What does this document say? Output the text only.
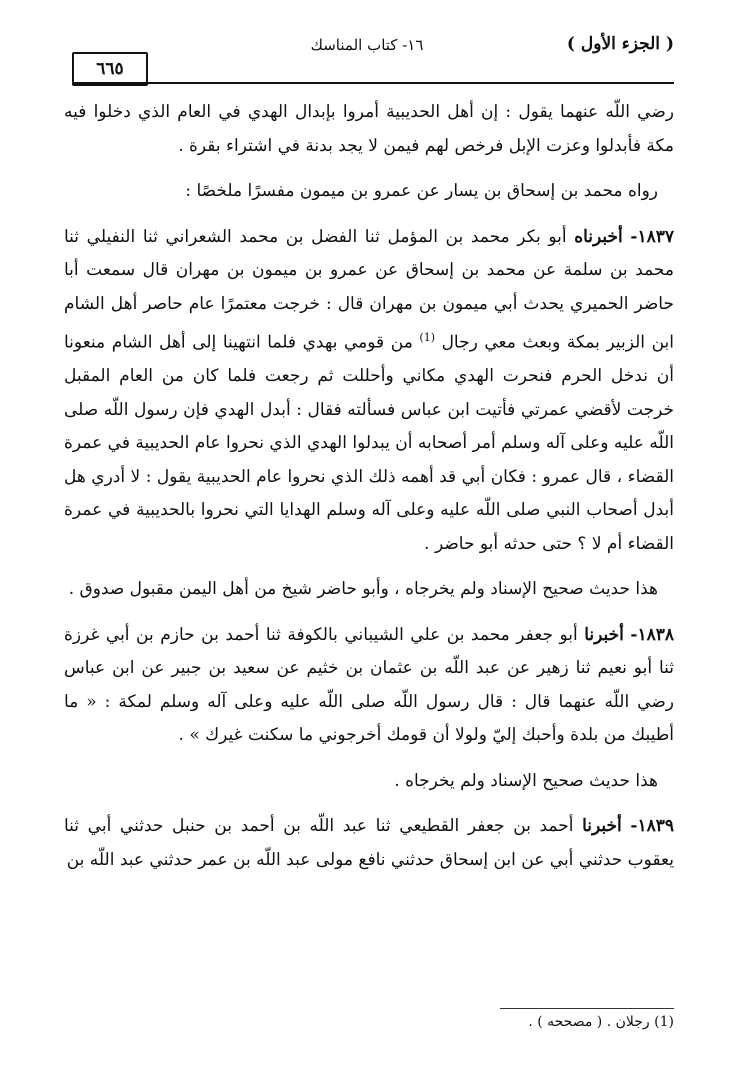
( الجزء الأول )
١٦- كتاب المناسك
٦٦٥

رضي اللّه عنهما يقول : إن أهل الحديبية أمروا بإبدال الهدي في العام الذي دخلوا فيه مكة فأبدلوا وعزت الإبل فرخص لهم فيمن لا يجد بدنة في اشتراء بقرة .

رواه محمد بن إسحاق بن يسار عن عمرو بن ميمون مفسرًا ملخصًا :

١٨٣٧- أخبرناه أبو بكر محمد بن المؤمل ثنا الفضل بن محمد الشعراني ثنا النفيلي ثنا محمد بن سلمة عن محمد بن إسحاق عن عمرو بن ميمون بن مهران قال سمعت أبا حاضر الحميري يحدث أبي ميمون بن مهران قال : خرجت معتمرًا عام حاصر أهل الشام ابن الزبير بمكة وبعث معي رجال $^{(1)}$ من قومي بهدي فلما انتهينا إلى أهل الشام منعونا أن ندخل الحرم فنحرت الهدي مكاني وأحللت ثم رجعت فلما كان من العام المقبل خرجت لأقضي عمرتي فأتيت ابن عباس فسألته فقال : أبدل الهدي فإن رسول اللّه صلى اللّه عليه وعلى آله وسلم أمر أصحابه أن يبدلوا الهدي الذي نحروا عام الحديبية في عمرة القضاء ، قال عمرو : فكان أبي قد أهمه ذلك الذي نحروا عام الحديبية يقول : لا أدري هل أبدل أصحاب النبي صلى اللّه عليه وعلى آله وسلم الهدايا التي نحروا بالحديبية في عمرة القضاء أم لا ؟ حتى حدثه أبو حاضر .

هذا حديث صحيح الإسناد ولم يخرجاه ، وأبو حاضر شيخ من أهل اليمن مقبول صدوق .

١٨٣٨- أخبرنا أبو جعفر محمد بن علي الشيباني بالكوفة ثنا أحمد بن حازم بن أبي غرزة ثنا أبو نعيم ثنا زهير عن عبد اللّه بن عثمان بن خثيم عن سعيد بن جبير عن ابن عباس رضي اللّه عنهما قال : قال رسول اللّه صلى اللّه عليه وعلى آله وسلم لمكة : « ما أطيبك من بلدة وأحبك إليّ ولولا أن قومك أخرجوني ما سكنت غيرك » .

هذا حديث صحيح الإسناد ولم يخرجاه .

١٨٣٩- أخبرنا أحمد بن جعفر القطيعي ثنا عبد اللّه بن أحمد بن حنبل حدثني أبي ثنا يعقوب حدثني أبي عن ابن إسحاق حدثني نافع مولى عبد اللّه بن عمر حدثني عبد اللّه بن

(1) رجلان . ( مصححه ) .
